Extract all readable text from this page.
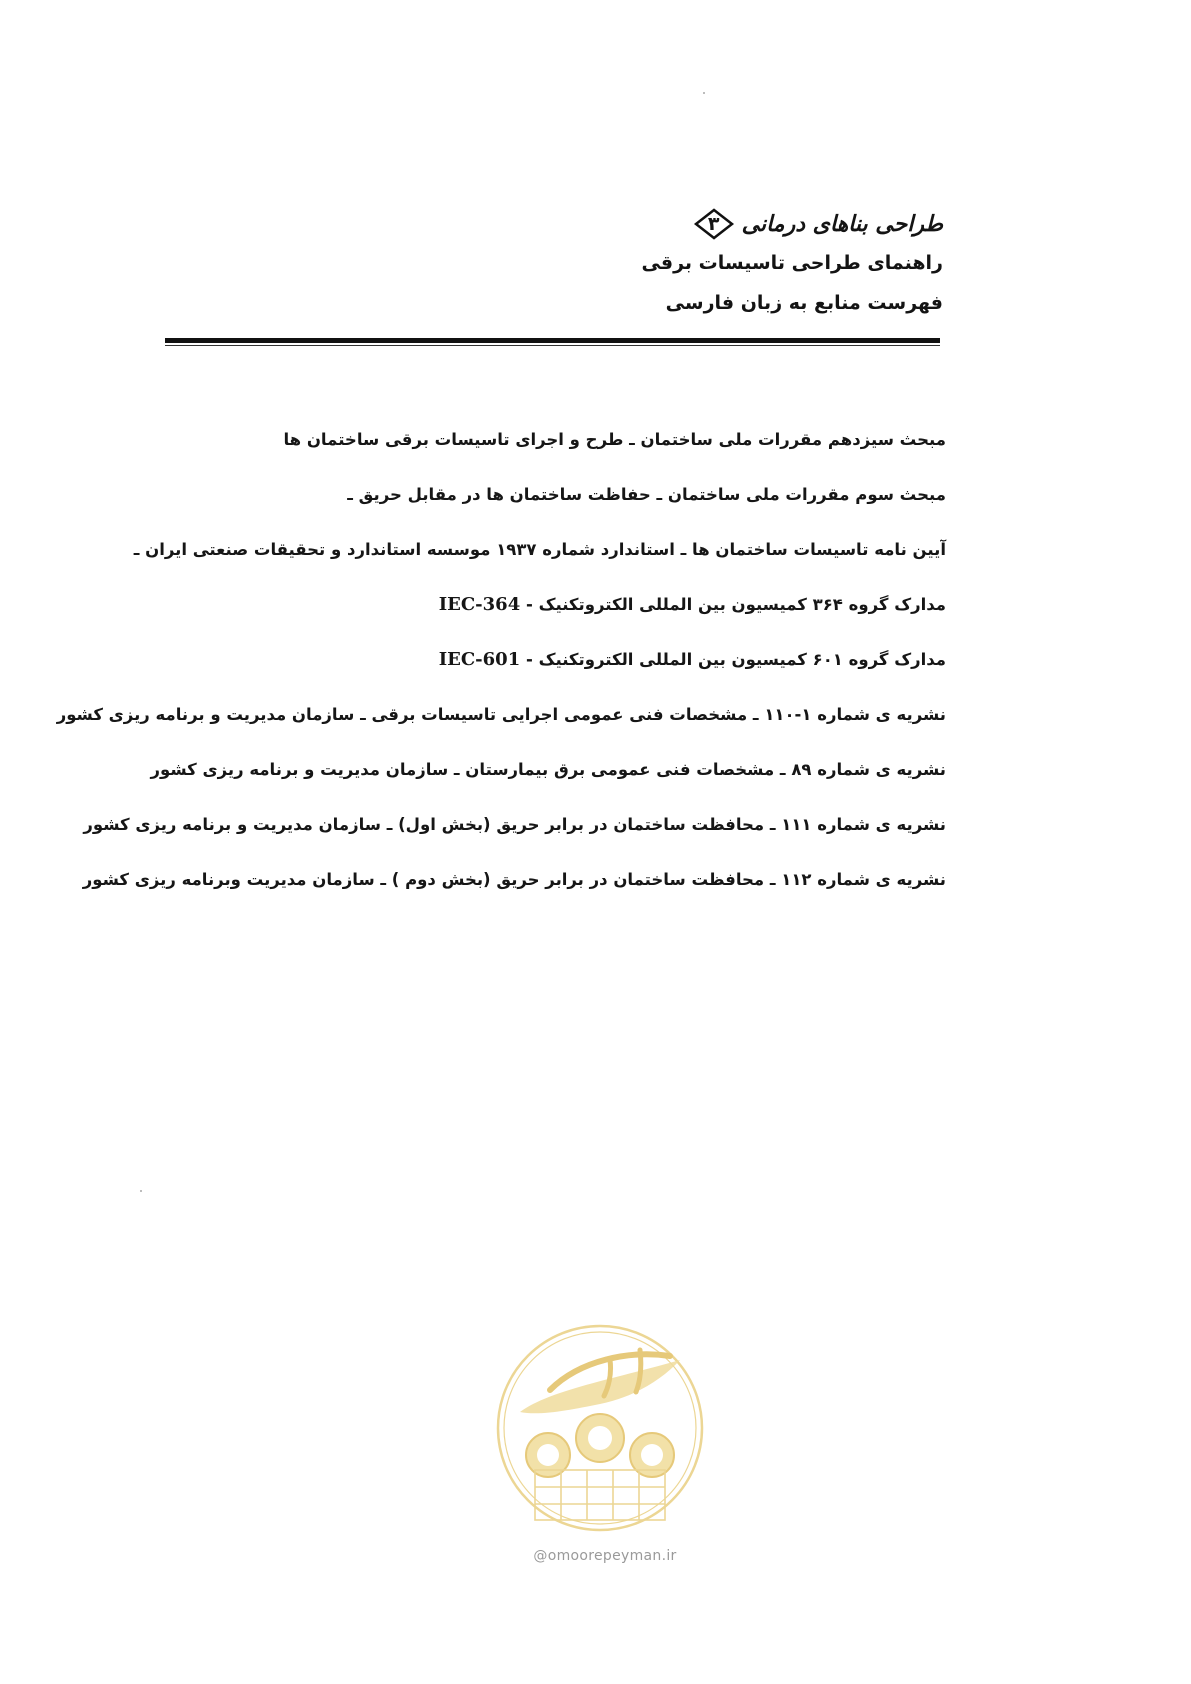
طراحی بناهای درمانی
۳
راهنمای طراحی تاسیسات برقی
فهرست منابع به زبان فارسی
مبحث سیزدهم مقررات ملی ساختمان ـ طرح و اجرای تاسیسات برقی ساختمان ها
مبحث سوم مقررات ملی ساختمان ـ حفاظت ساختمان ها در مقابل حریق ـ
آیین نامه تاسیسات ساختمان ها ـ استاندارد شماره ۱۹۳۷ موسسه استاندارد و تحقیقات صنعتی ایران ـ
مدارک گروه ۳۶۴ کمیسیون بین المللی الکتروتکنیک - IEC-364
مدارک گروه ۶۰۱ کمیسیون بین المللی الکتروتکنیک - IEC-601
نشریه ی شماره ۱-۱۱۰ ـ مشخصات فنی عمومی اجرایی تاسیسات برقی ـ سازمان مدیریت و برنامه ریزی کشور
نشریه ی شماره ۸۹ ـ مشخصات فنی عمومی برق بیمارستان ـ سازمان مدیریت و برنامه ریزی کشور
نشریه ی شماره ۱۱۱ ـ محافظت ساختمان در برابر حریق (بخش اول) ـ سازمان مدیریت و برنامه ریزی کشور
نشریه ی شماره ۱۱۲ ـ محافظت ساختمان در برابر حریق (بخش دوم ) ـ سازمان مدیریت وبرنامه ریزی کشور
@omoorepeyman.ir
